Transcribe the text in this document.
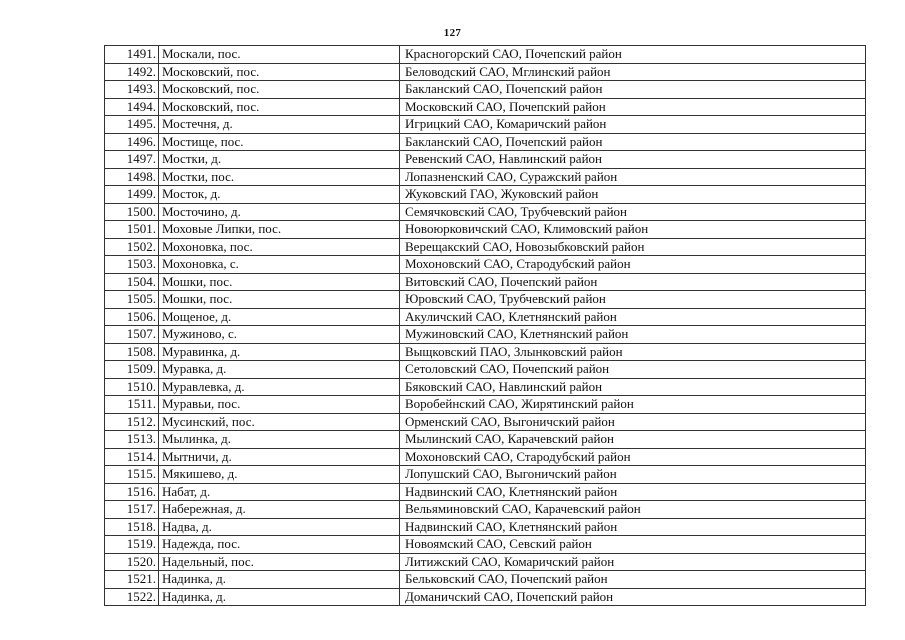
127
1491.	Москали, пос.	Красногорский САО, Почепский район
1492.	Московский, пос.	Беловодский САО, Мглинский район
1493.	Московский, пос.	Бакланский САО, Почепский район
1494.	Московский, пос.	Московский САО, Почепский район
1495.	Мостечня, д.	Игрицкий САО, Комаричский район
1496.	Мостище, пос.	Бакланский САО, Почепский район
1497.	Мостки, д.	Ревенский САО, Навлинский район
1498.	Мостки, пос.	Лопазненский САО, Суражский район
1499.	Мосток, д.	Жуковский ГАО, Жуковский район
1500.	Мосточино, д.	Семячковский САО, Трубчевский район
1501.	Моховые Липки, пос.	Новоюрковичский САО, Климовский район
1502.	Мохоновка, пос.	Верещакский САО, Новозыбковский район
1503.	Мохоновка, с.	Мохоновский САО, Стародубский район
1504.	Мошки, пос.	Витовский САО, Почепский район
1505.	Мошки, пос.	Юровский САО, Трубчевский район
1506.	Мощеное, д.	Акуличский САО, Клетнянский район
1507.	Мужиново, с.	Мужиновский САО, Клетнянский район
1508.	Муравинка, д.	Выщковский ПАО, Злынковский район
1509.	Муравка, д.	Сетоловский САО, Почепский район
1510.	Муравлевка, д.	Бяковский САО, Навлинский район
1511.	Муравьи, пос.	Воробейнский САО, Жирятинский район
1512.	Мусинский, пос.	Орменский САО, Выгоничский район
1513.	Мылинка, д.	Мылинский САО, Карачевский район
1514.	Мытничи, д.	Мохоновский САО, Стародубский район
1515.	Мякишево, д.	Лопушский САО, Выгоничский район
1516.	Набат, д.	Надвинский САО, Клетнянский район
1517.	Набережная, д.	Вельяминовский САО, Карачевский район
1518.	Надва, д.	Надвинский САО, Клетнянский район
1519.	Надежда, пос.	Новоямский САО, Севский район
1520.	Надельный, пос.	Литижский САО, Комаричский район
1521.	Надинка, д.	Бельковский САО, Почепский район
1522.	Надинка, д.	Доманичский САО, Почепский район
